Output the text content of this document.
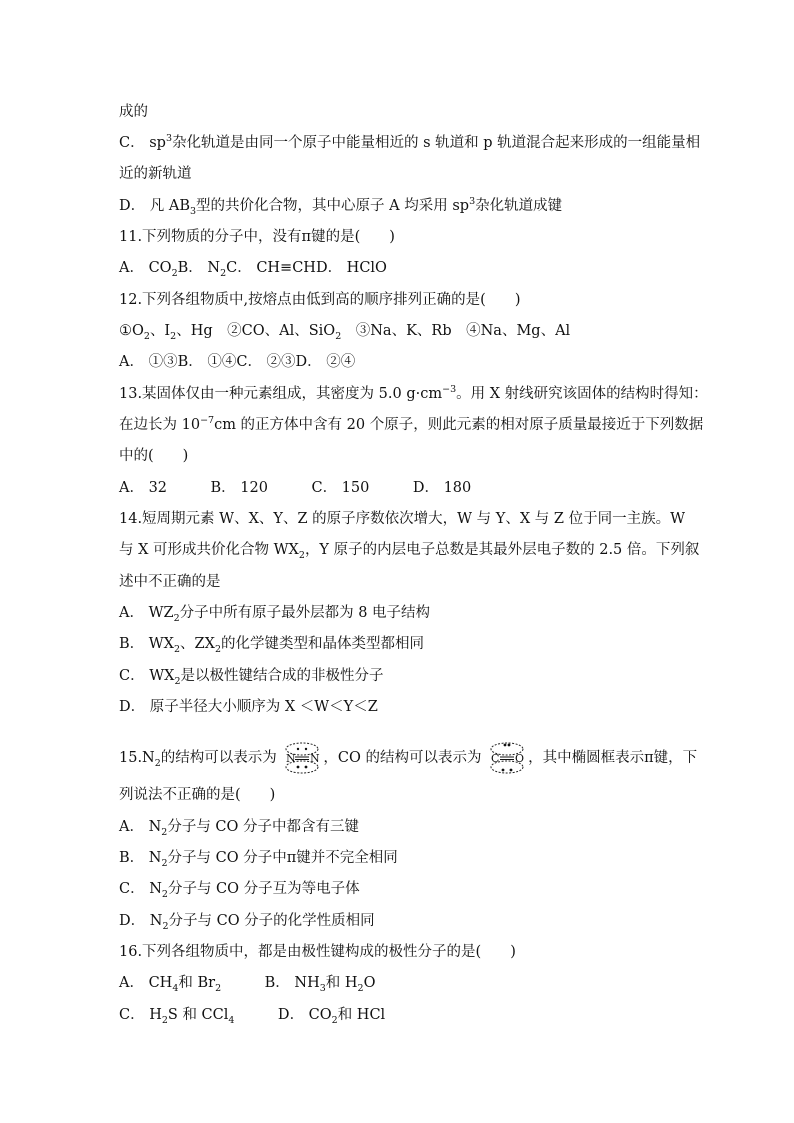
成的
C． $sp^3$杂化轨道是由同一个原子中能量相近的 s 轨道和 p 轨道混合起来形成的一组能量相
近的新轨道
D． 凡 $AB_3$型的共价化合物，其中心原子 A 均采用 $sp^3$杂化轨道成键
11.下列物质的分子中，没有π键的是(　　)
A． $CO_2B$． $N_2C$． CH≡CHD． HClO
12.下列各组物质中,按熔点由低到高的顺序排列正确的是(　　)
$①O_2$、$I_2$、Hg　②CO、Al、SiO$_2$　③Na、K、Rb　④Na、Mg、Al
A． ①③B． ①④C． ②③D． ②④
13.某固体仅由一种元素组成，其密度为 5.0 $g\cdot cm^{-3}$。用 X 射线研究该固体的结构时得知：
在边长为 $10^{-7}cm$ 的正方体中含有 20 个原子，则此元素的相对原子质量最接近于下列数据
中的(　　)
A． 32　　　B． 120　　　C． 150　　　D． 180
14.短周期元素 W、X、Y、Z 的原子序数依次增大，W 与 Y、X 与 Z 位于同一主族。W
与 X 可形成共价化合物 $WX_2$，Y 原子的内层电子总数是其最外层电子数的 2.5 倍。下列叙
述中不正确的是
A． $WZ_2$分子中所有原子最外层都为 8 电子结构
B． $WX_2$、$ZX_2$的化学键类型和晶体类型都相同
C． $WX_2$是以极性键结合成的非极性分子
D． 原子半径大小顺序为 X ＜W＜Y＜Z
列说法不正确的是(　　)
A． $N_2$分子与 CO 分子中都含有三键
B． $N_2$分子与 CO 分子中π键并不完全相同
C． $N_2$分子与 CO 分子互为等电子体
D． $N_2$分子与 CO 分子的化学性质相同
16.下列各组物质中，都是由极性键构成的极性分子的是(　　)
A． $CH_4$和 $Br_2$　　　B． $NH_3$和 $H_2O$
C． $H_2S$ 和 CCl$_4$　　　D． $CO_2$和 HCl
$15.N_2$的结构可以表示为 N N ，CO 的结构可以表示为 C O ，其中椭圆框表示π键，下
